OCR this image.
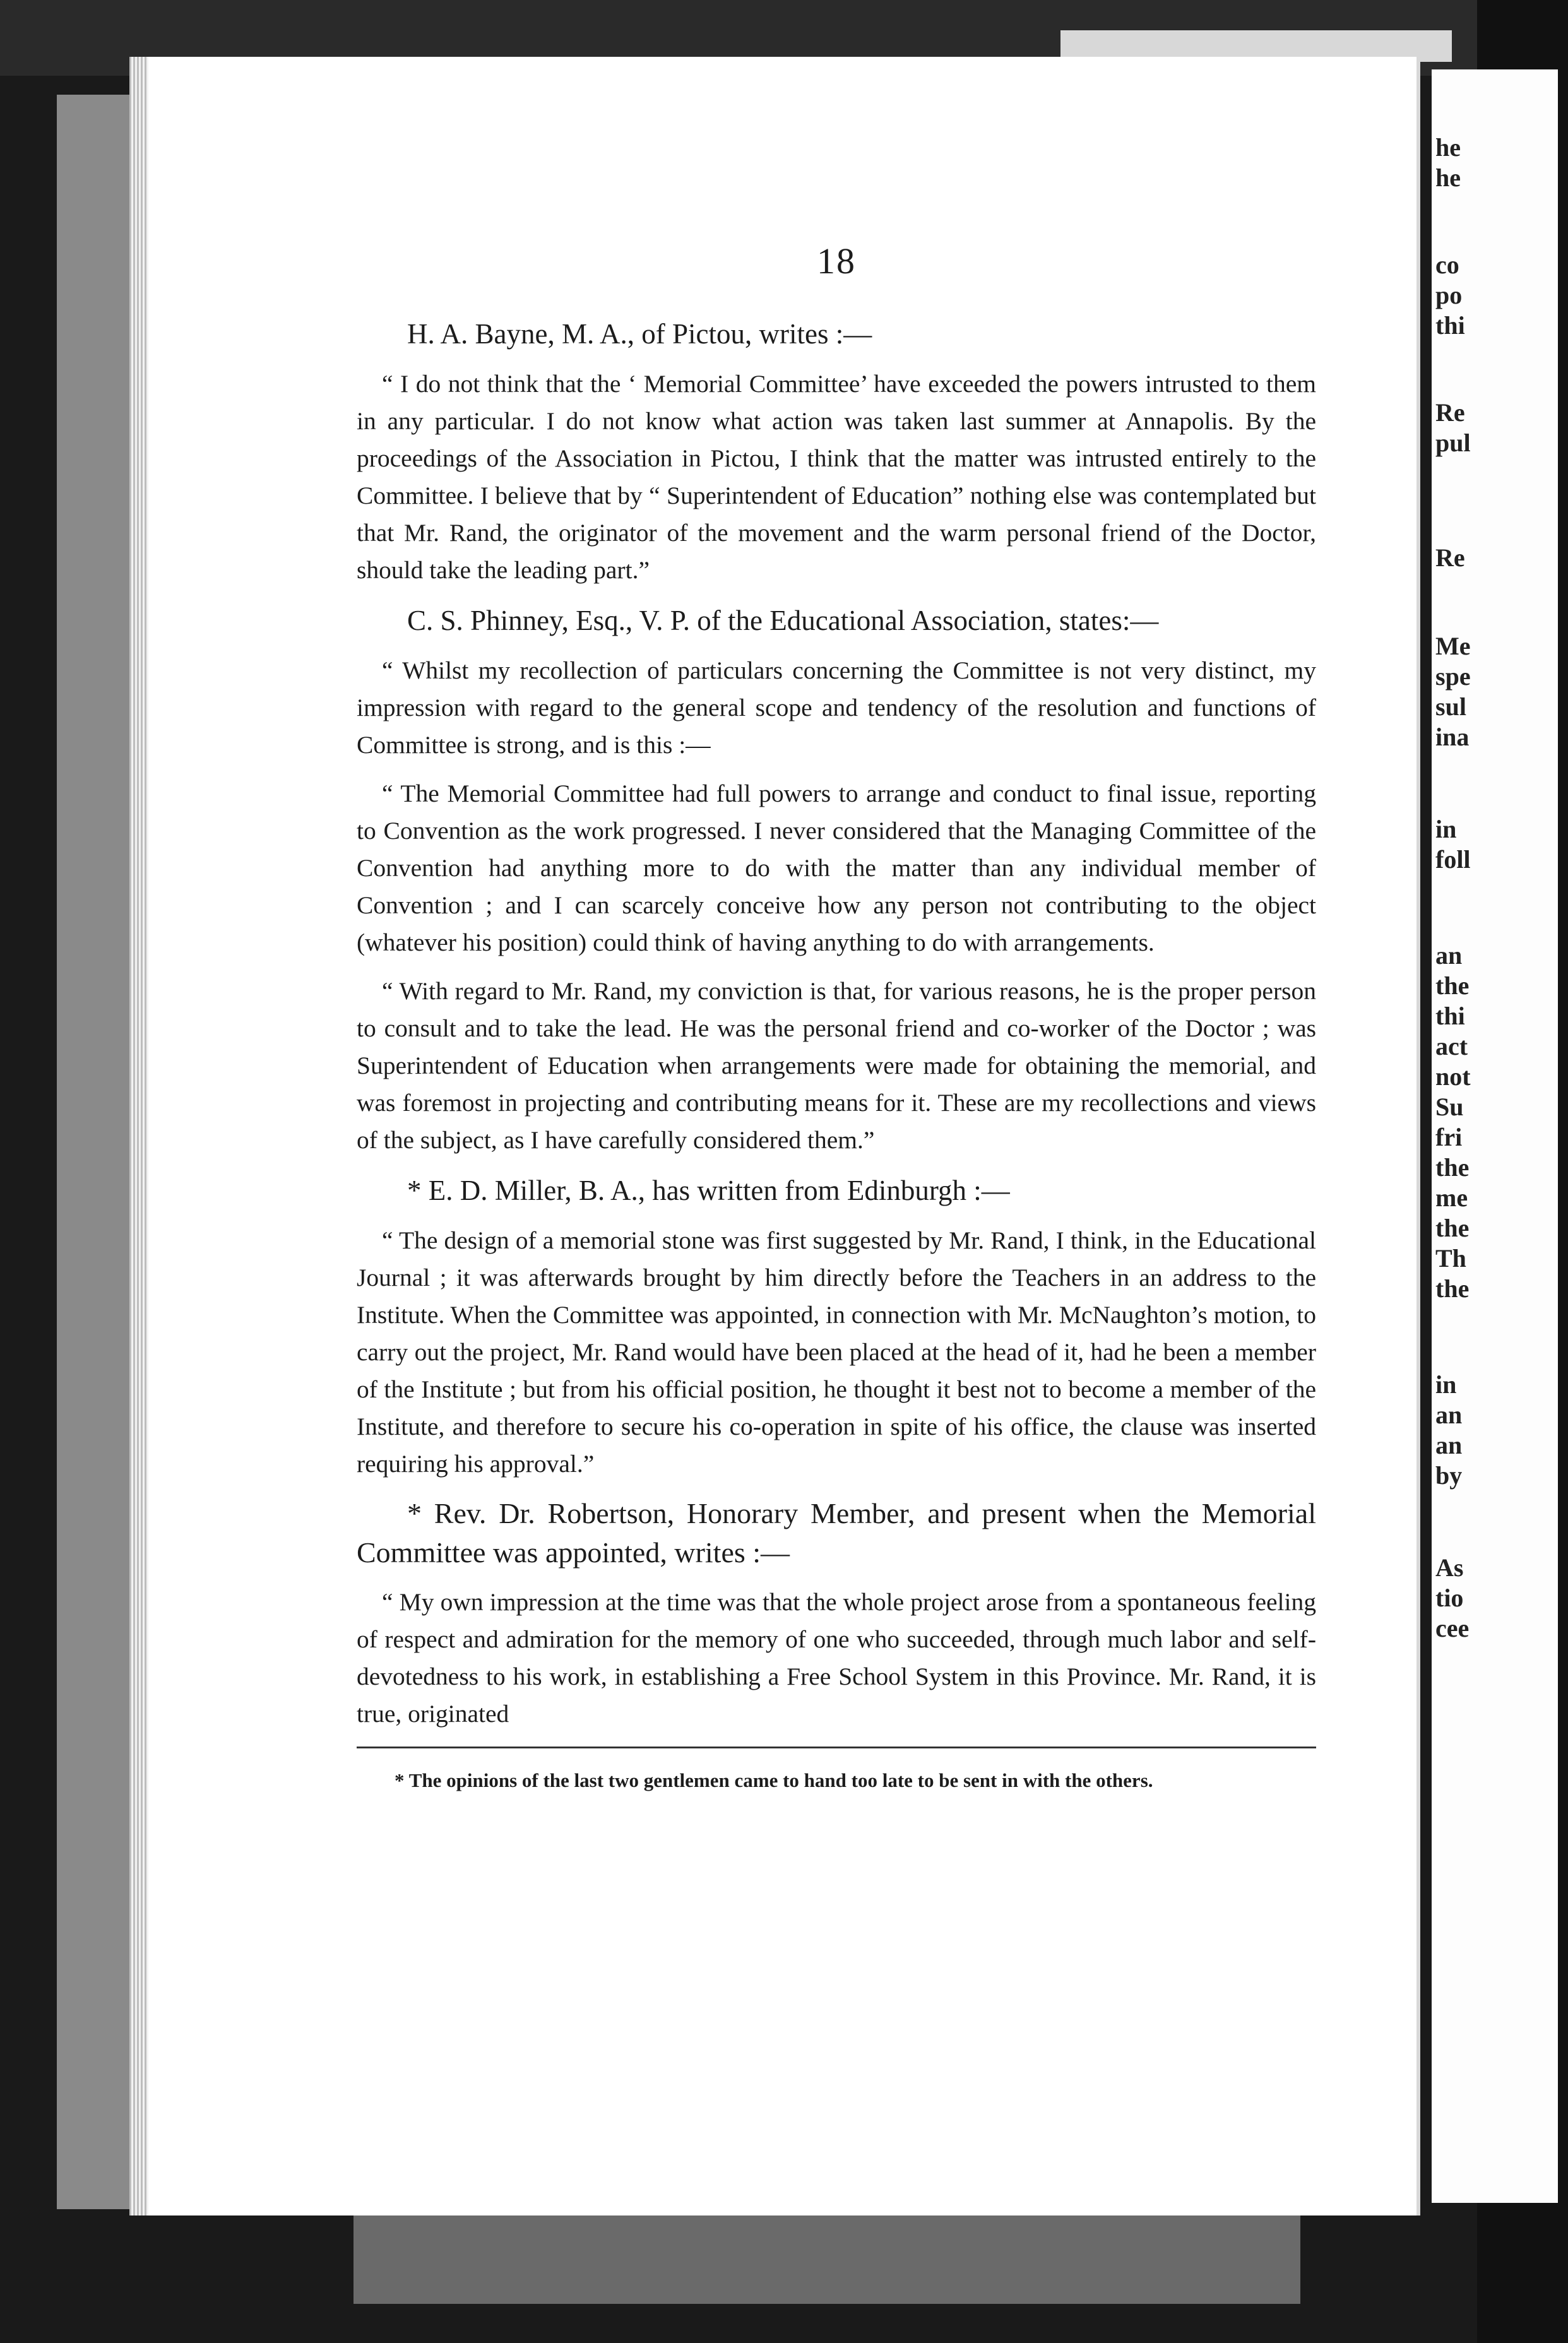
he
he
co
po
thi
Re
pul
Re
Me
spe
sul
ina
in
foll
an
the
thi
act
not
Su
fri
the
me
the
Th
the
in
an
an
by
As
tio
cee
18

H. A. Bayne, M. A., of Pictou, writes :—

“ I do not think that the ‘ Memorial Committee’ have exceeded the powers intrusted to them in any particular. I do not know what action was taken last summer at Annapolis. By the proceedings of the Association in Pictou, I think that the matter was intrusted entirely to the Committee. I believe that by “ Superintendent of Education” nothing else was contemplated but that Mr. Rand, the originator of the movement and the warm personal friend of the Doctor, should take the leading part.”

C. S. Phinney, Esq., V. P. of the Educational Association, states:—

“ Whilst my recollection of particulars concerning the Committee is not very distinct, my impression with regard to the general scope and tendency of the resolution and functions of Committee is strong, and is this :—

“ The Memorial Committee had full powers to arrange and conduct to final issue, reporting to Convention as the work progressed. I never considered that the Managing Committee of the Convention had anything more to do with the matter than any individual member of Convention ; and I can scarcely conceive how any person not contributing to the object (whatever his position) could think of having anything to do with arrangements.

“ With regard to Mr. Rand, my conviction is that, for various reasons, he is the proper person to consult and to take the lead. He was the personal friend and co-worker of the Doctor ; was Superintendent of Education when arrangements were made for obtaining the memorial, and was foremost in projecting and contributing means for it. These are my recollections and views of the subject, as I have carefully considered them.”

* E. D. Miller, B. A., has written from Edinburgh :—

“ The design of a memorial stone was first suggested by Mr. Rand, I think, in the Educational Journal ; it was afterwards brought by him directly before the Teachers in an address to the Institute. When the Committee was appointed, in connection with Mr. McNaughton’s motion, to carry out the project, Mr. Rand would have been placed at the head of it, had he been a member of the Institute ; but from his official position, he thought it best not to become a member of the Institute, and therefore to secure his co-operation in spite of his office, the clause was inserted requiring his approval.”

* Rev. Dr. Robertson, Honorary Member, and present when the Memorial Committee was appointed, writes :—

“ My own impression at the time was that the whole project arose from a spontaneous feeling of respect and admiration for the memory of one who succeeded, through much labor and self-devotedness to his work, in establishing a Free School System in this Province. Mr. Rand, it is true, originated

* The opinions of the last two gentlemen came to hand too late to be sent in with the others.
